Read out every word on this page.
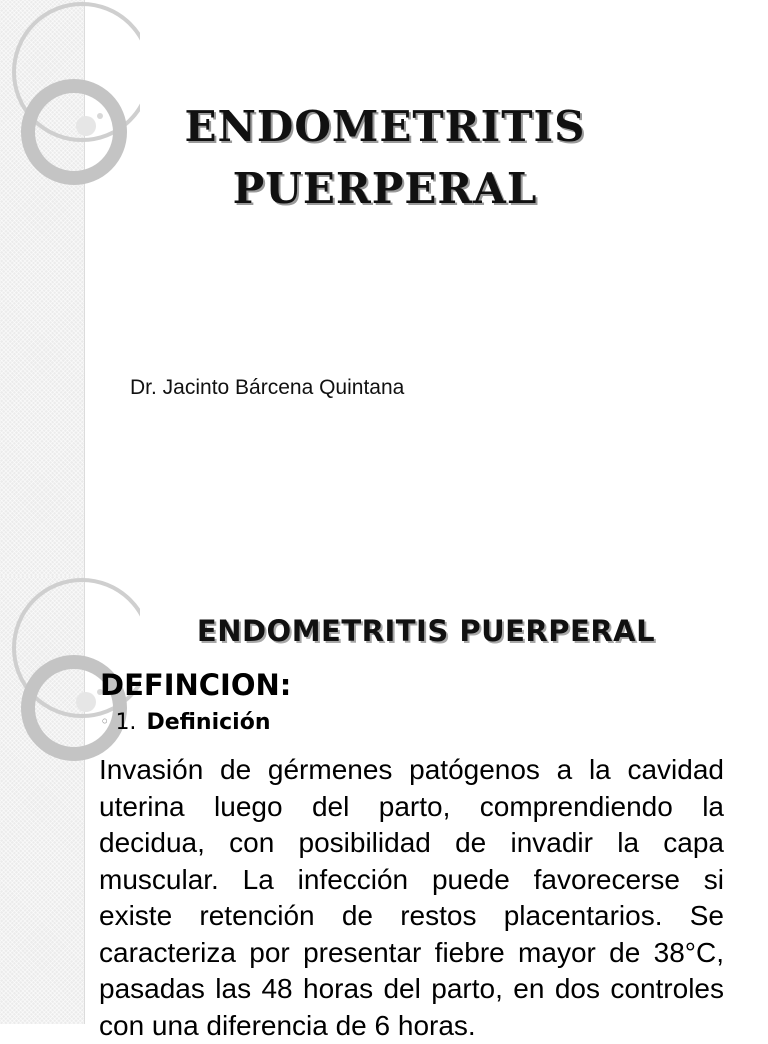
ENDOMETRITIS
PUERPERAL
Dr. Jacinto Bárcena Quintana
ENDOMETRITIS PUERPERAL
DEFINCION:
◦ 1. Definición
Invasión de gérmenes patógenos a la cavidad uterina luego del parto, comprendiendo la decidua, con posibilidad de invadir la capa muscular. La infección puede favorecerse si existe retención de restos placentarios. Se caracteriza por presentar fiebre mayor de 38°C, pasadas las 48 horas del parto, en dos controles con una diferencia de 6 horas.
